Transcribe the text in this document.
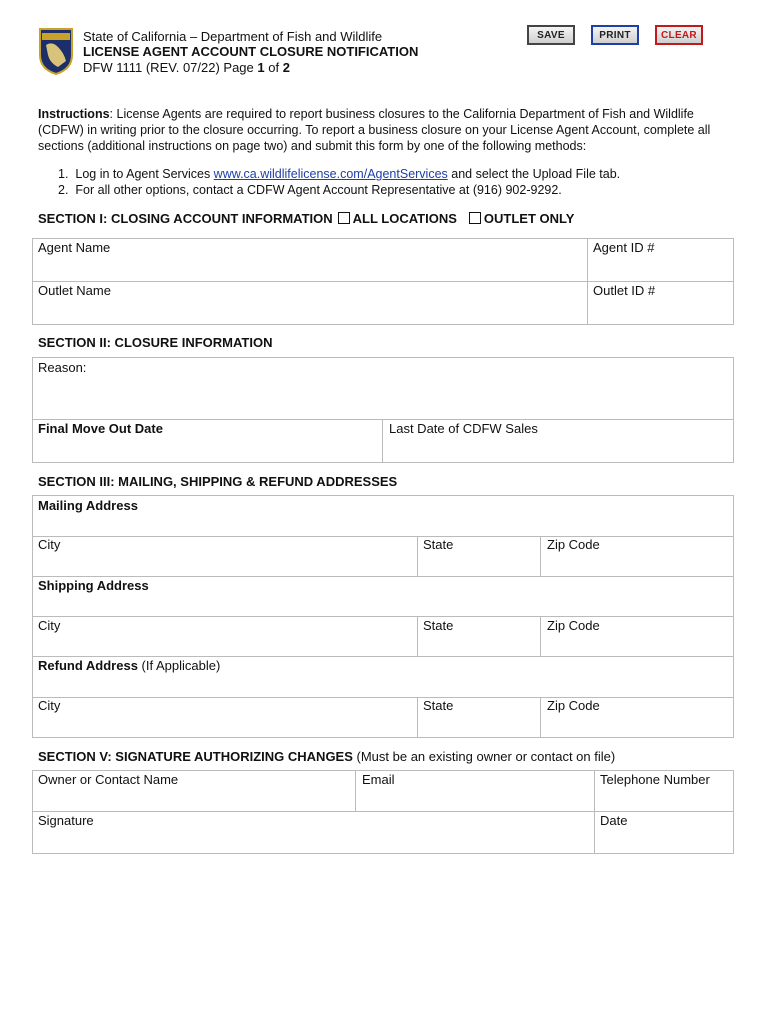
State of California – Department of Fish and Wildlife
LICENSE AGENT ACCOUNT CLOSURE NOTIFICATION
DFW 1111 (REV. 07/22) Page 1 of 2
SAVE	PRINT	CLEAR
Instructions: License Agents are required to report business closures to the California Department of Fish and Wildlife (CDFW) in writing prior to the closure occurring. To report a business closure on your License Agent Account, complete all sections (additional instructions on page two) and submit this form by one of the following methods:
1. Log in to Agent Services www.ca.wildlifelicense.com/AgentServices and select the Upload File tab.
2. For all other options, contact a CDFW Agent Account Representative at (916) 902-9292.
SECTION I: CLOSING ACCOUNT INFORMATION ALL LOCATIONS OUTLET ONLY
Agent Name	Agent ID #
Outlet Name	Outlet ID #
SECTION II: CLOSURE INFORMATION
Reason:
Final Move Out Date	Last Date of CDFW Sales
SECTION III: MAILING, SHIPPING & REFUND ADDRESSES
Mailing Address
City	State	Zip Code
Shipping Address
City	State	Zip Code
Refund Address (If Applicable)
City	State	Zip Code
SECTION V: SIGNATURE AUTHORIZING CHANGES (Must be an existing owner or contact on file)
Owner or Contact Name	Email	Telephone Number
Signature	Date
